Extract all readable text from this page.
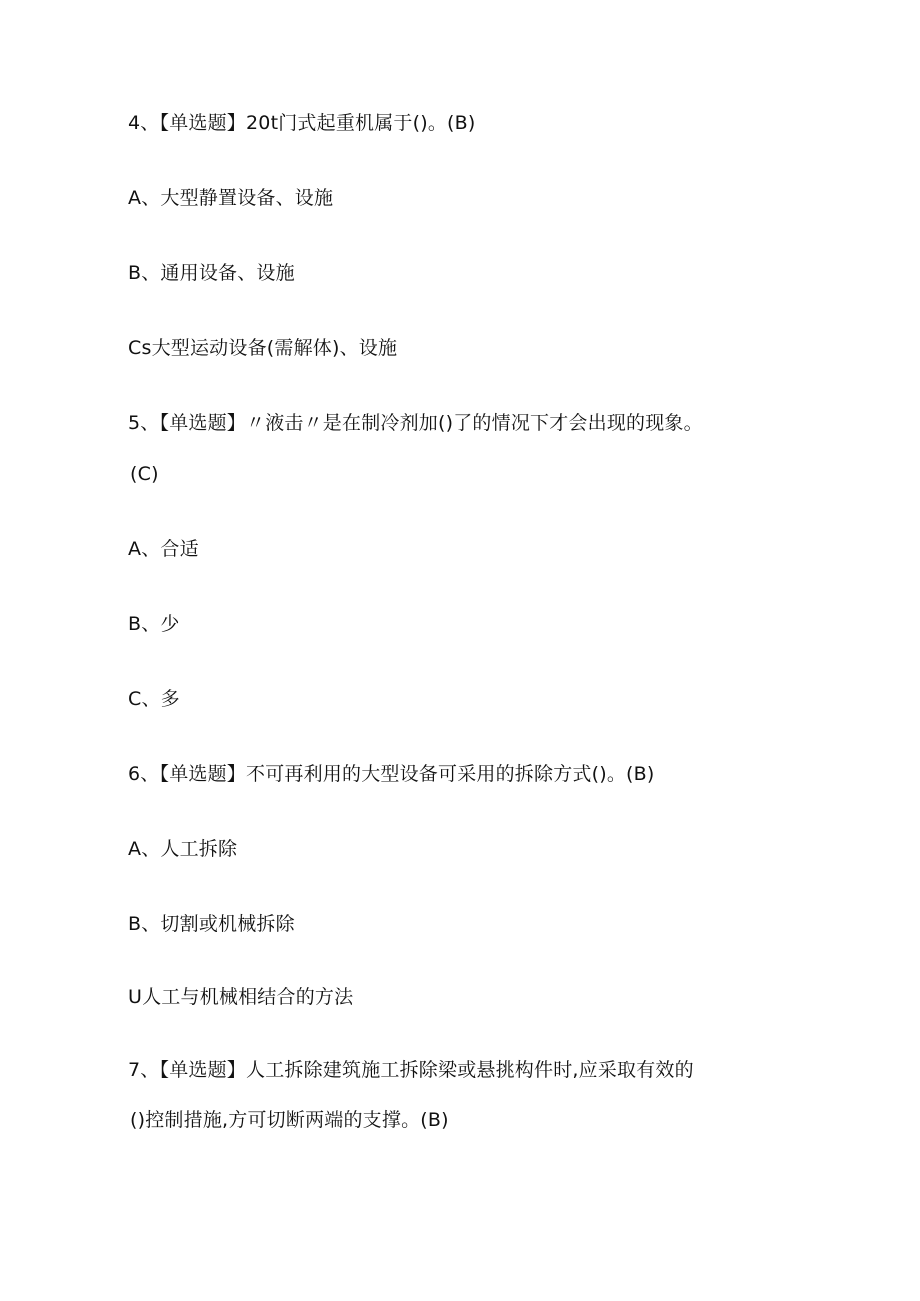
4、【单选题】20t门式起重机属于()。(B)
A、大型静置设备、设施
B、通用设备、设施
Cs大型运动设备(需解体)、设施
5、【单选题】〃液击〃是在制冷剂加()了的情况下才会出现的现象。
(C)
A、合适
B、少
C、多
6、【单选题】不可再利用的大型设备可采用的拆除方式()。(B)
A、人工拆除
B、切割或机械拆除
U人工与机械相结合的方法
7、【单选题】人工拆除建筑施工拆除梁或悬挑构件时,应采取有效的
()控制措施,方可切断两端的支撑。(B)
